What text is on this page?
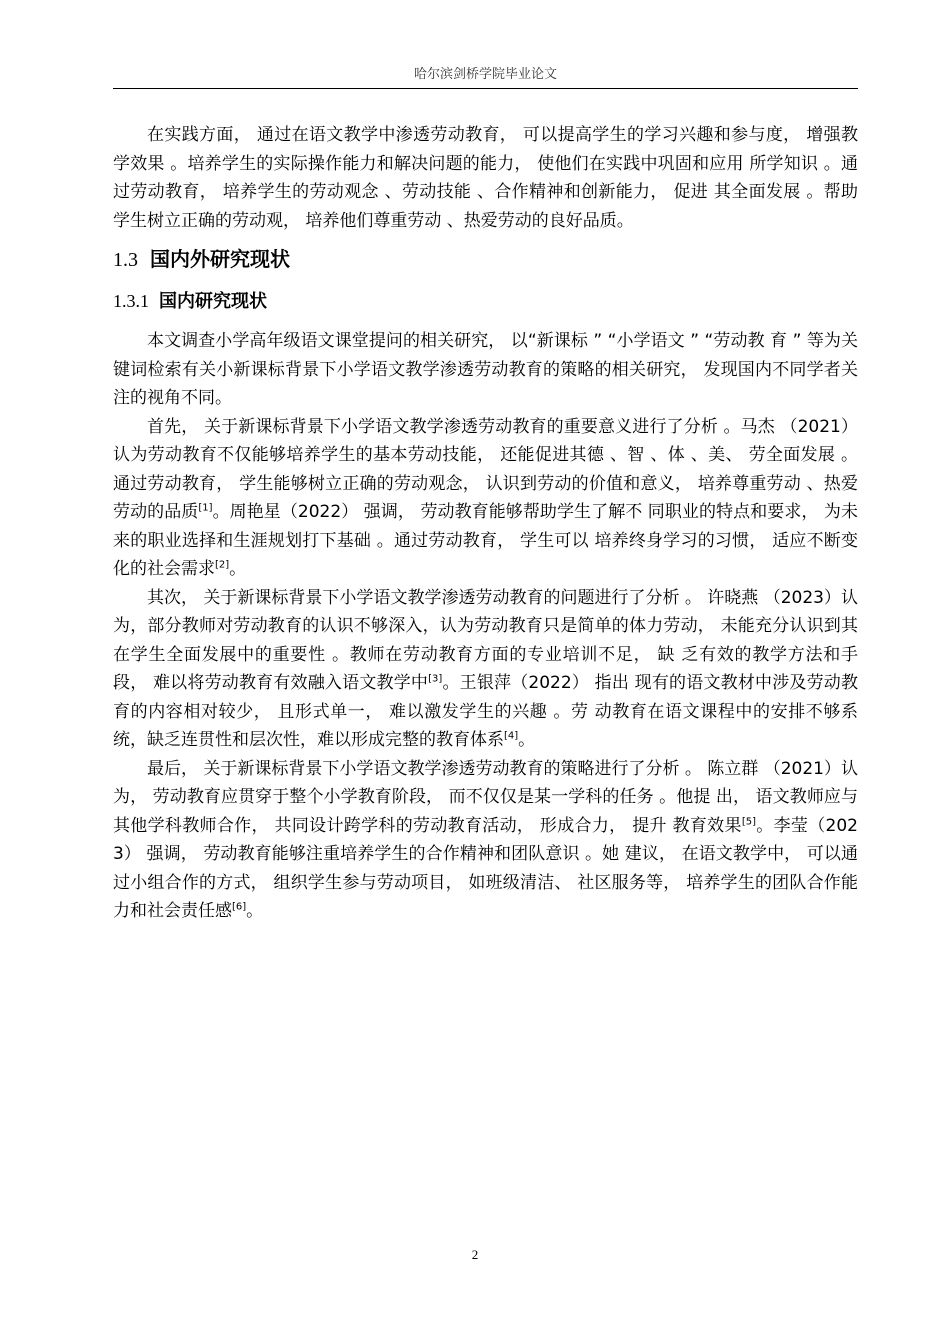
哈尔滨剑桥学院毕业论文

在实践方面， 通过在语文教学中渗透劳动教育， 可以提高学生的学习兴趣和参与度， 增强教学效果 。培养学生的实际操作能力和解决问题的能力， 使他们在实践中巩固和应用 所学知识 。通过劳动教育， 培养学生的劳动观念 、劳动技能 、合作精神和创新能力， 促进 其全面发展 。帮助学生树立正确的劳动观， 培养他们尊重劳动 、热爱劳动的良好品质。

1.3 国内外研究现状
1.3.1 国内研究现状

本文调查小学高年级语文课堂提问的相关研究， 以“新课标 ” “小学语文 ” “劳动教 育 ” 等为关键词检索有关小新课标背景下小学语文教学渗透劳动教育的策略的相关研究， 发现国内不同学者关注的视角不同。

首先， 关于新课标背景下小学语文教学渗透劳动教育的重要意义进行了分析 。马杰 （2021）认为劳动教育不仅能够培养学生的基本劳动技能， 还能促进其德 、智 、体 、美、 劳全面发展 。通过劳动教育， 学生能够树立正确的劳动观念， 认识到劳动的价值和意义， 培养尊重劳动 、热爱劳动的品质[1]。周艳星（2022） 强调， 劳动教育能够帮助学生了解不 同职业的特点和要求， 为未来的职业选择和生涯规划打下基础 。通过劳动教育， 学生可以 培养终身学习的习惯， 适应不断变化的社会需求[2]。

其次， 关于新课标背景下小学语文教学渗透劳动教育的问题进行了分析 。 许晓燕 （2023）认为，部分教师对劳动教育的认识不够深入，认为劳动教育只是简单的体力劳动， 未能充分认识到其在学生全面发展中的重要性 。教师在劳动教育方面的专业培训不足， 缺 乏有效的教学方法和手段， 难以将劳动教育有效融入语文教学中[3]。王银萍（2022） 指出 现有的语文教材中涉及劳动教育的内容相对较少， 且形式单一， 难以激发学生的兴趣 。劳 动教育在语文课程中的安排不够系统，缺乏连贯性和层次性，难以形成完整的教育体系[4]。

最后， 关于新课标背景下小学语文教学渗透劳动教育的策略进行了分析 。 陈立群 （2021）认为， 劳动教育应贯穿于整个小学教育阶段， 而不仅仅是某一学科的任务 。他提 出， 语文教师应与其他学科教师合作， 共同设计跨学科的劳动教育活动， 形成合力， 提升 教育效果[5]。李莹（2023） 强调， 劳动教育能够注重培养学生的合作精神和团队意识 。她 建议， 在语文教学中， 可以通过小组合作的方式， 组织学生参与劳动项目， 如班级清洁、 社区服务等， 培养学生的团队合作能力和社会责任感[6]。

2
